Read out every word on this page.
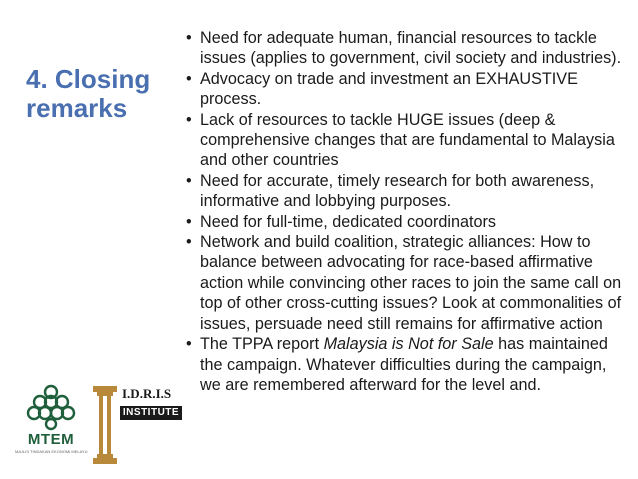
4. Closing
remarks
• Need for adequate human, financial resources to tackle issues (applies to government, civil society and industries).
• Advocacy on trade and investment an EXHAUSTIVE process.
• Lack of resources to tackle HUGE issues (deep & comprehensive changes that are fundamental to Malaysia and other countries
• Need for accurate, timely research for both awareness, informative and lobbying purposes.
• Need for full-time, dedicated coordinators
• Network and build coalition, strategic alliances: How to balance between advocating for race-based affirmative action while convincing other races to join the same call on top of other cross-cutting issues? Look at commonalities of issues, persuade need still remains for affirmative action
• The TPPA report Malaysia is Not for Sale has maintained the campaign. Whatever difficulties during the campaign, we are remembered afterward for the level and.
MTEM
MAJLIS TINDAKAN EKONOMI MELAYU
I.D.R.I.S
INSTITUTE
